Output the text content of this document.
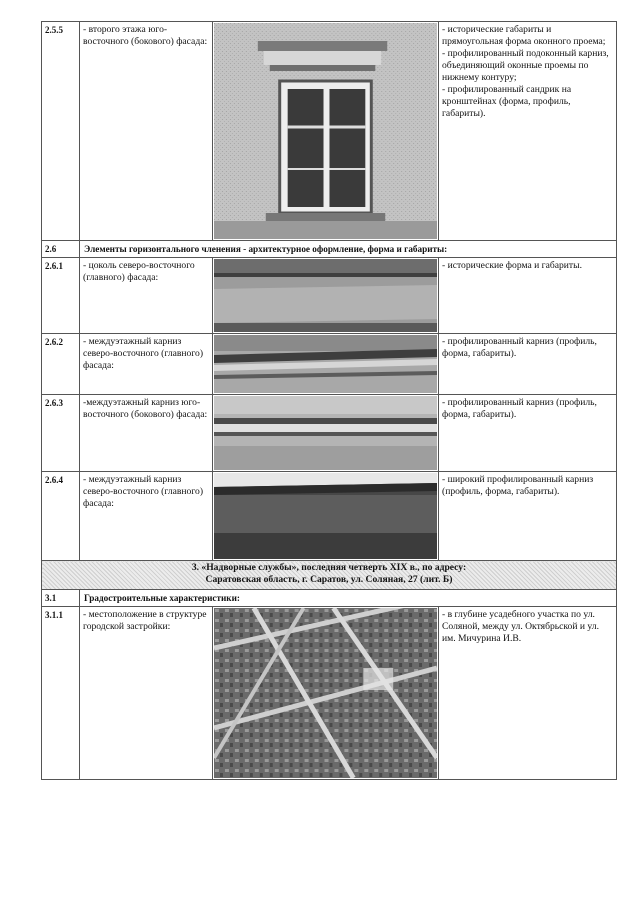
2.5.5	- второго этажа юго-восточного (бокового) фасада:		- исторические габариты и прямоугольная форма оконного проема;
- профилированный подоконный карниз, объединяющий оконные проемы по нижнему контуру;
- профилированный сандрик на кронштейнах (форма, профиль, габариты).
2.6	Элементы горизонтального членения - архитектурное оформление, форма и габариты:		
2.6.1	- цоколь северо-восточного (главного) фасада:		- исторические форма и габариты.
2.6.2	- междуэтажный карниз северо-восточного (главного) фасада:		- профилированный карниз (профиль, форма, габариты).
2.6.3	-междуэтажный карниз юго-восточного (бокового) фасада:		- профилированный карниз (профиль, форма, габариты).
2.6.4	- междуэтажный карниз северо-восточного (главного) фасада:		- широкий профилированный карниз (профиль, форма, габариты).

3. «Надворные службы», последняя четверть XIX в., по адресу:
Саратовская область, г. Саратов, ул. Соляная, 27 (лит. Б)			

3.1	Градостроительные характеристики:		
3.1.1	- местоположение в структуре городской застройки:		- в глубине усадебного участка по ул. Соляной, между ул. Октябрьской и ул. им. Мичурина И.В.
